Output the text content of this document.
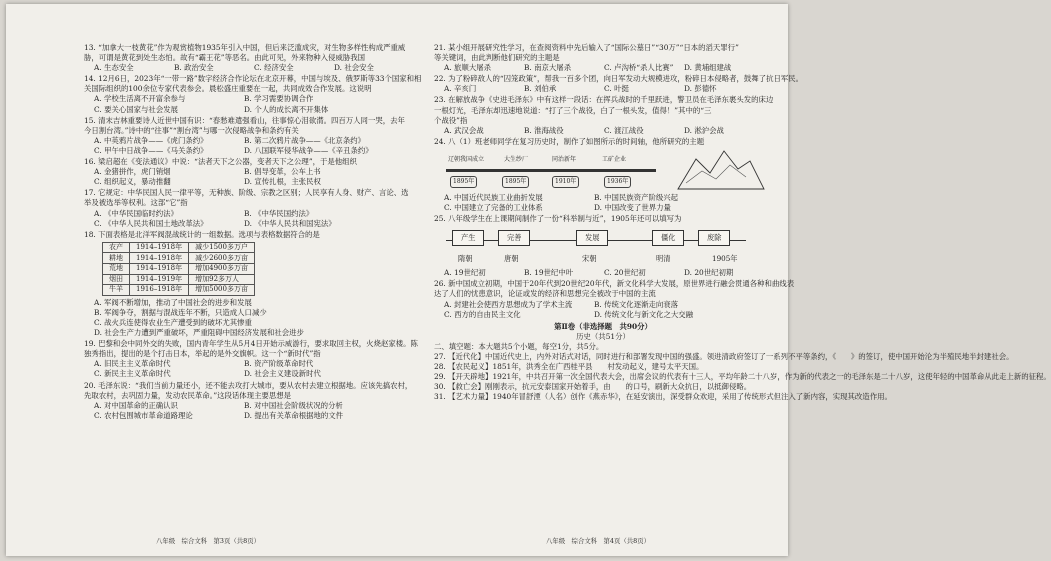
13. “加拿大一枝黄花”作为观赏植物1935年引入中国，但后来泛滥成灾，对生物多样性构成严重威

胁，可谓是黄花到处生态怕。故有“霸王花”等恶名。由此可见，外来物种入侵威胁我国

A. 生态安全	B. 政治安全	C. 经济安全	D. 社会安全

14. 12月6日，2023年“一带一路”数字经济合作论坛在北京开幕，中国与埃及、俄罗斯等33个国家和相

关国际组织的100余位专家代表参会。晨松盛庄重要在一起，共同成效合作发展。这说明

A. 学校生活离不开富余参与	B. 学习需要协调合作

C. 要关心国家与社会发展	D. 个人的成长离不开集体

15. 清末吉林重要诗人近世中国有识：“春愁难遣强看山，往事惊心泪欲潸。四百万人同一哭，去年

今日割台湾。”诗中的“往事”“割台湾”与哪一次侵略战争和条约有关

A. 中英鸦片战争——《虎门条约》	B. 第二次鸦片战争——《北京条约》

C. 甲午中日战争——《马关条约》	D. 八国联军侵华战争——《辛丑条约》

16. 梁启超在《变法通议》中说：“法者天下之公器，变者天下之公理”，于是他组织

A. 金猪拼作，虎门销烟	B. 倡导变革，公车上书

C. 组织起义，暴动推翻	D. 宣传扎根，主张民权

17. 它规定：中华民国人民一律平等，无种族、阶级、宗教之区别；人民享有人身、财产、言论、选

举及被选举等权利。这部“它”指

A. 《中华民国临时约法》	B. 《中华民国约法》

C. 《中华人民共和国土地改革法》	D. 《中华人民共和国宪法》

18. 下面表格是北洋军阀混战统计的一组数据。选项与表格数据符合的是

农产	1914–1918年	减少1500多万户
耕地	1914–1918年	减少2600多万亩
荒地	1914–1918年	增加4900多万亩
烟田	1914–1919年	增加92多万人
牛羊	1916–1918年	增加5000多万亩

A. 军阀不断增加，推动了中国社会的进步和发展

B. 军阀争夺，割据与混战连年不断，只造成人口减少

C. 战火兵连使得农业生产遭受到的破坏尤其惨重

D. 社会生产力遭到严重破坏，严重阻碍中国经济发展和社会进步

19. 巴黎和会中同外交的失败，国内青年学生从5月4日开始示威游行，要求取回主权，火烧赵家楼。陈

独秀指出，提出的是个打击日本，举起的是外交旗帜。这一个“新时代”指

A. 旧民主主义革命时代	B. 资产阶级革命时代

C. 新民主主义革命时代	D. 社会主义建设新时代

20. 毛泽东说：“我们当前力量还小，还不能去攻打大城市，要从农村去建立根据地。应该先搞农村，

先取农村，去巩固力量，发动农民革命。”这段话体现主要思想是

A. 对中国革命的正确认识	B. 对中国社会阶级状况的分析

C. 农村包围城市革命道路理论	D. 提出有关革命根据地的文件

21. 某小组开展研究性学习，在查阅资料中先后输入了“国际公墓日”“30万”“日本的滔天罪行”

等关键词，由此判断他们研究的主题是

A. 旅顺大屠杀	B. 南京大屠杀	C. 卢沟桥“杀人比赛” D. 黄埔组建战

22. 为了粉碎敌人的“囚笼政策”，帮我一百多个团，向日军发动大规模进攻，粉碎日本侵略者，鼓舞了抗日军民。

A. 辛亥门	B. 刘伯承	C. 叶挺	D. 彭德怀

23. 在解放战争《史进毛泽东》中有这样一段话：在挥兵战时的千里跃进，警卫员在毛泽东裹头发的床边

一根灯光，毛泽东却迅速地说道：“打了三个战役，白了一根头发，值得！”其中的“三

个战役”指

A. 武汉会战	B. 淮海战役	C. 渡江战役	D. 淞沪会战

24. 八（1）班老师同学在复习历史时，制作了如图所示的时间轴，他所研究的主题

辽朝我国成立	大生纱厂	同治新年	工矿企业
1895年	1895年	1910年	1936年

A. 中国近代民族工业曲折发展	B. 中国民族资产阶级兴起

C. 中国建立了完备的工业体系	D. 中国改变了世界力量

25. 八年级学生在上课期间制作了一份“科举制与近”，1905年还可以填写为

产生	完善	发展	僵化	废除
隋朝	唐朝	宋朝	明清	1905年

A. 19世纪初	B. 19世纪中叶	C. 20世纪初	D. 20世纪初期

26. 新中国成立初期，中国于20年代到20世纪20年代，新文化科学大发展，原世界进行融会贯通各种和曲线表

达了人们的忧患意识，论证或发的经济和思想完全被改于中国的主流

A. 封建社会使西方思想成为了学术主流	B. 传统文化逐渐走向衰落

C. 西方的自由民主文化	D. 传统文化与新文化之大交融

第Ⅱ卷（非选择题　共90分）

历史（共51分）

二、填空题：本大题共5个小题，每空1分，共5分。

27. 【近代化】中国近代史上，内外对话式对话，同时进行和部署发现中国的强盛。领进清政府签订了一系列不平等条约，《　　》的签订，使中国开始沦为半殖民地半封建社会。

28. 【农民起义】1851年，洪秀全在广西桂平县　　村发动起义，建号太平天国。

29. 【开天辟地】1921年，中共召开第一次全国代表大会，出席会议的代表有十三人，平均年龄二十八岁，作为新的代表之一的毛泽东是二十八岁，这使年轻的中国革命从此走上新的征程。

30. 【救亡会】刚刚表示，抗元安泰国家开始着手，由　　的口号，刷新大众抗日，以抵御侵略。

31. 【艺术力量】1940年冒舒湮（人名）创作《燕赤华》，在延安演出，深受群众欢迎，采用了传统形式但注入了新内容，实现其改造作用。

八年级　综合文科　第3页（共8页）	八年级　综合文科　第4页（共8页）
